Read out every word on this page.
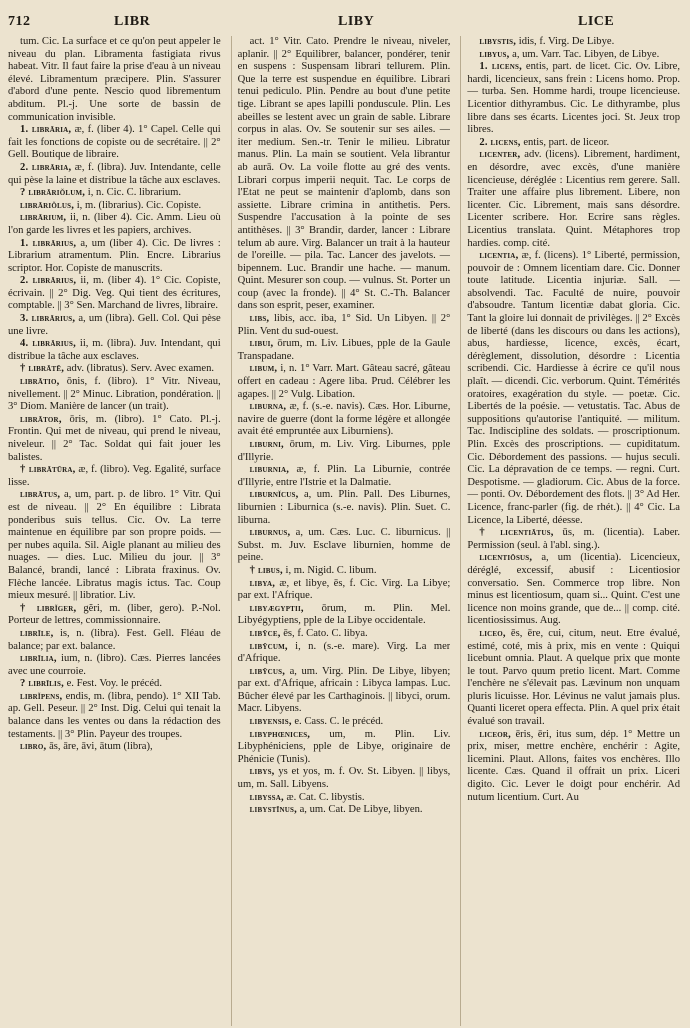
712	LIBR	LIBY	LICE

tum. Cic. La surface et ce qu'on peut appeler le niveau du plan. Libramenta fastigiata rivus habeat. Vitr. Il faut faire la prise d'eau à un niveau élevé. Libramentum præcipere. Plin. S'assurer d'abord d'une pente. Nescio quod librementum abditum. Pl.-j. Une sorte de bassin de communication invisible.

1. librāria, æ, f. (liber 4). 1° Capel. Celle qui fait les fonctions de copiste ou de secrétaire. || 2° Gell. Boutique de libraire.

2. librāria, æ, f. (libra). Juv. Intendante, celle qui pèse la laine et distribue la tâche aux esclaves.

? librāriŏlum, i, n. Cic. C. librarium.

librāriŏlus, i, m. (librarius). Cic. Copiste.

librārium, ii, n. (liber 4). Cic. Amm. Lieu où l'on garde les livres et les papiers, archives.

1. librārius, a, um (liber 4). Cic. De livres : Librarium atramentum. Plin. Encre. Librarius scriptor. Hor. Copiste de manuscrits.

2. librārius, ii, m. (liber 4). 1° Cic. Copiste, écrivain. || 2° Dig. Veg. Qui tient des écritures, comptable. || 3° Sen. Marchand de livres, libraire.

3. librārius, a, um (libra). Gell. Col. Qui pèse une livre.

4. librārius, ii, m. (libra). Juv. Intendant, qui distribue la tâche aux esclaves.

† librātē, adv. (libratus). Serv. Avec examen.

librātio, ōnis, f. (libro). 1° Vitr. Niveau, nivellement. || 2° Minuc. Libration, pondération. || 3° Diom. Manière de lancer (un trait).

librātor, ōris, m. (libro). 1° Cato. Pl.-j. Frontin. Qui met de niveau, qui prend le niveau, niveleur. || 2° Tac. Soldat qui fait jouer les balistes.

† librātūra, æ, f. (libro). Veg. Egalité, surface lisse.

librātus, a, um, part. p. de libro. 1° Vitr. Qui est de niveau. || 2° En équilibre : Librata ponderibus suis tellus. Cic. Ov. La terre maintenue en équilibre par son propre poids. — per nubes aquila. Sil. Aigle planant au milieu des nuages. — dies. Luc. Milieu du jour. || 3° Balancé, brandi, lancé : Librata fraxinus. Ov. Flèche lancée. Libratus magis ictus. Tac. Coup mieux mesuré. || libratior. Liv.

† librĭger, gĕri, m. (liber, gero). P.-Nol. Porteur de lettres, commissionnaire.

librīle, is, n. (libra). Fest. Gell. Fléau de balance; par ext. balance.

librīlia, ium, n. (libro). Cæs. Pierres lancées avec une courroie.

? librīlis, e. Fest. Voy. le précéd.

librĭpens, endis, m. (libra, pendo). 1° XII Tab. ap. Gell. Peseur. || 2° Inst. Dig. Celui qui tenait la balance dans les ventes ou dans la rédaction des testaments. || 3° Plin. Payeur des troupes.

libro, ās, āre, āvi, ātum (libra),

act. 1° Vitr. Cato. Prendre le niveau, niveler, aplanir. || 2° Equilibrer, balancer, pondérer, tenir en suspens : Suspensam librari tellurem. Plin. Que la terre est suspendue en équilibre. Librari tenui pediculo. Plin. Pendre au bout d'une petite tige. Librant se apes lapilli ponduscule. Plin. Les abeilles se lestent avec un grain de sable. Librare corpus in alas. Ov. Se soutenir sur ses ailes. — iter medium. Sen.-tr. Tenir le milieu. Libratur manus. Plin. La main se soutient. Vela librantur ab aurā. Ov. La voile flotte au gré des vents. Librari corpus imperii nequit. Tac. Le corps de l'Etat ne peut se maintenir d'aplomb, dans son assiette. Librare crimina in antithetis. Pers. Suspendre l'accusation à la pointe de ses antithèses. || 3° Brandir, darder, lancer : Librare telum ab aure. Virg. Balancer un trait à la hauteur de l'oreille. — pila. Tac. Lancer des javelots. — bipennem. Luc. Brandir une hache. — manum. Quint. Mesurer son coup. — vulnus. St. Porter un coup (avec la fronde). || 4° St. C.-Th. Balancer dans son esprit, peser, examiner.

libs, libis, acc. iba, 1° Sid. Un Libyen. || 2° Plin. Vent du sud-ouest.

libui, ōrum, m. Liv. Libues, pple de la Gaule Transpadane.

libum, i, n. 1° Varr. Mart. Gâteau sacré, gâteau offert en cadeau : Agere liba. Prud. Célébrer les agapes. || 2° Vulg. Libation.

liburna, æ, f. (s.-e. navis). Cæs. Hor. Liburne, navire de guerre (dont la forme légère et allongée avait été empruntée aux Liburniens).

liburni, ōrum, m. Liv. Virg. Liburnes, pple d'Illyrie.

liburnia, æ, f. Plin. La Liburnie, contrée d'Illyrie, entre l'Istrie et la Dalmatie.

liburnĭcus, a, um. Plin. Pall. Des Liburnes, liburnien : Liburnica (s.-e. navis). Plin. Suet. C. liburna.

liburnus, a, um. Cæs. Luc. C. liburnicus. || Subst. m. Juv. Esclave liburnien, homme de peine.

† libus, i, m. Nigid. C. libum.

libya, æ, et libye, ēs, f. Cic. Virg. La Libye; par ext. l'Afrique.

libyægyptii, ōrum, m. Plin. Mel. Libyégyptiens, pple de la Libye occidentale.

libȳce, ēs, f. Cato. C. libya.

libȳcum, i, n. (s.-e. mare). Virg. La mer d'Afrique.

libȳcus, a, um. Virg. Plin. De Libye, libyen; par ext. d'Afrique, africain : Libyca lampas. Luc. Bûcher élevé par les Carthaginois. || libyci, orum. Macr. Libyens.

libyensis, e. Cass. C. le précéd.

libyphœnices, um, m. Plin. Liv. Libyphéniciens, pple de Libye, originaire de Phénicie (Tunis).

libys, ys et yos, m. f. Ov. St. Libyen. || libys, um, m. Sall. Libyens.

libyssa, æ. Cat. C. libystis.

libystīnus, a, um. Cat. De Libye, libyen.

libystis, idis, f. Virg. De Libye.

libyus, a, um. Varr. Tac. Libyen, de Libye.

1. licens, entis, part. de licet. Cic. Ov. Libre, hardi, licencieux, sans frein : Licens homo. Prop. — turba. Sen. Homme hardi, troupe licencieuse. Licentior dithyrambus. Cic. Le dithyrambe, plus libre dans ses écarts. Licentes joci. St. Jeux trop libres.

2. licens, entis, part. de liceor.

licenter, adv. (licens). Librement, hardiment, en désordre, avec excès, d'une manière licencieuse, déréglée : Licentius rem gerere. Sall. Traiter une affaire plus librement. Libere, non licenter. Cic. Librement, mais sans désordre. Licenter scribere. Hor. Ecrire sans règles. Licentius translata. Quint. Métaphores trop hardies. comp. cité.

licentia, æ, f. (licens). 1° Liberté, permission, pouvoir de : Omnem licentiam dare. Cic. Donner toute latitude. Licentia injuriæ. Sall. — absolvendi. Tac. Faculté de nuire, pouvoir d'absoudre. Tantum licentiæ dabat gloria. Cic. Tant la gloire lui donnait de privilèges. || 2° Excès de liberté (dans les discours ou dans les actions), abus, hardiesse, licence, excès, écart, dérèglement, dissolution, désordre : Licentia scribendi. Cic. Hardiesse à écrire ce qu'il nous plaît. — dicendi. Cic. verborum. Quint. Témérités oratoires, exagération du style. — poetæ. Cic. Libertés de la poésie. — vetustatis. Tac. Abus de suppositions qu'autorise l'antiquité. — militum. Tac. Indiscipline des soldats. — proscriptionum. Plin. Excès des proscriptions. — cupiditatum. Cic. Débordement des passions. — hujus seculi. Cic. La dépravation de ce temps. — regni. Curt. Despotisme. — gladiorum. Cic. Abus de la force. — ponti. Ov. Débordement des flots. || 3° Ad Her. Licence, franc-parler (fig. de rhét.). || 4° Cic. La Licence, la Liberté, déesse.

† licentiātus, ūs, m. (licentia). Laber. Permission (seul. à l'abl. sing.).

licentiōsus, a, um (licentia). Licencieux, déréglé, excessif, abusif : Licentiosior conversatio. Sen. Commerce trop libre. Non minus est licentiosum, quam si... Quint. C'est une licence non moins grande, que de... || comp. cité. licentiosissimus. Aug.

liceo, ēs, ēre, cui, citum, neut. Etre évalué, estimé, coté, mis à prix, mis en vente : Quiqui licebunt omnia. Plaut. A quelque prix que monte le tout. Parvo quum pretio licent. Mart. Comme l'enchère ne s'élevait pas. Lævinum non unquam pluris licuisse. Hor. Lévinus ne valut jamais plus. Quanti liceret opera effecta. Plin. A quel prix était évalué son travail.

liceor, ēris, ēri, itus sum, dép. 1° Mettre un prix, miser, mettre enchère, enchérir : Agite, licemini. Plaut. Allons, faites vos enchères. Illo licente. Cæs. Quand il offrait un prix. Liceri digito. Cic. Lever le doigt pour enchérir. Ad nutum licentium. Curt. Au
